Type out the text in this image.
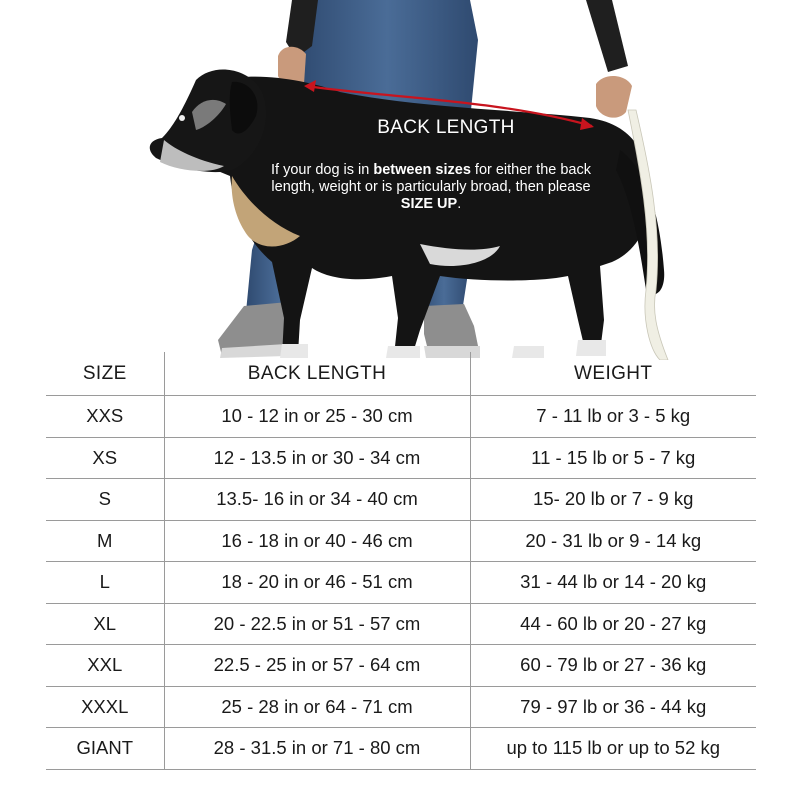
BACK LENGTH
If your dog is in between sizes for either the back length, weight or is particularly broad, then please SIZE UP.
SIZE	BACK LENGTH	WEIGHT
XXS	10 - 12 in or 25 - 30 cm	7 - 11 lb or 3 - 5 kg
XS	12 - 13.5 in or 30 - 34 cm	11 - 15 lb or 5 - 7 kg
S	13.5- 16 in or 34 - 40 cm	15- 20 lb or 7 - 9 kg
M	16 - 18 in or 40 - 46 cm	20 - 31 lb or 9 - 14 kg
L	18 - 20 in or 46 - 51 cm	31 - 44 lb or 14 - 20 kg
XL	20 - 22.5 in or 51 - 57 cm	44 - 60 lb or 20 - 27 kg
XXL	22.5 - 25 in or 57 - 64 cm	60 - 79 lb or 27 - 36 kg
XXXL	25 - 28 in or 64 - 71 cm	79 - 97 lb or 36 - 44 kg
GIANT	28 - 31.5 in or 71 - 80 cm	up to 115 lb or up to 52 kg
